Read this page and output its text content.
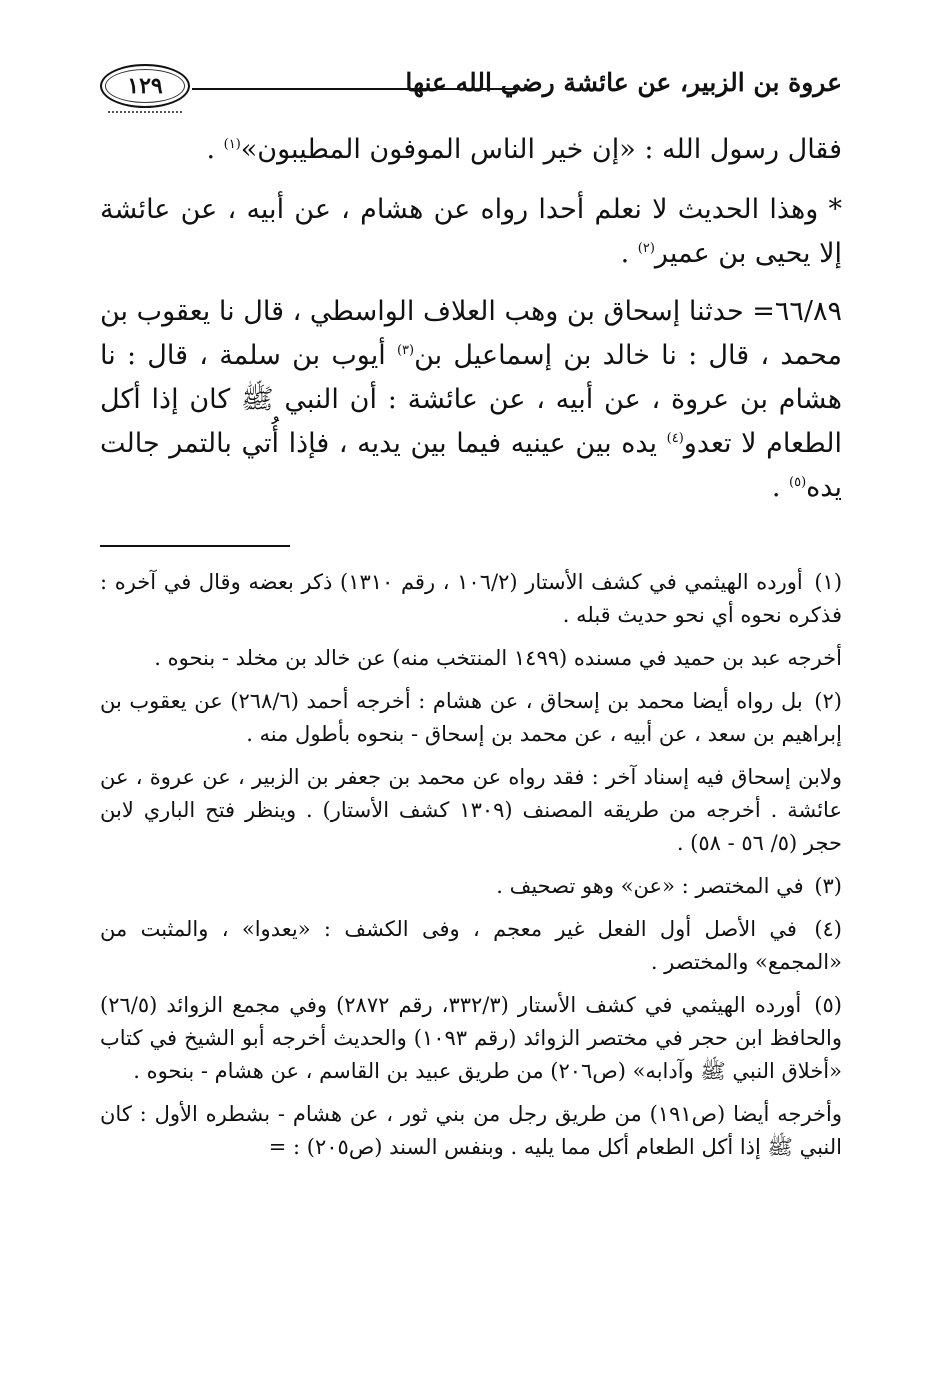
عروة بن الزبير، عن عائشة رضي الله عنها
١٢٩

فقال رسول الله : «إن خير الناس الموفون المطيبون»$^{(١)}$ .

* وهذا الحديث لا نعلم أحدا رواه عن هشام ، عن أبيه ، عن عائشة إلا يحيى بن عمير$^{(٢)}$ .

٦٦/٨٩= حدثنا إسحاق بن وهب العلاف الواسطي ، قال نا يعقوب بن محمد ، قال : نا خالد بن إسماعيل بن$^{(٣)}$ أيوب بن سلمة ، قال : نا هشام بن عروة ، عن أبيه ، عن عائشة : أن النبي ﷺ كان إذا أكل الطعام لا تعدو$^{(٤)}$ يده بين عينيه فيما بين يديه ، فإذا أُتي بالتمر جالت يده$^{(٥)}$ .

(١) أورده الهيثمي في كشف الأستار (١٠٦/٢ ، رقم ١٣١٠) ذكر بعضه وقال في آخره : فذكره نحوه أي نحو حديث قبله .
أخرجه عبد بن حميد في مسنده (١٤٩٩ المنتخب منه) عن خالد بن مخلد - بنحوه .
(٢) بل رواه أيضا محمد بن إسحاق ، عن هشام : أخرجه أحمد (٢٦٨/٦) عن يعقوب بن إبراهيم بن سعد ، عن أبيه ، عن محمد بن إسحاق - بنحوه بأطول منه .
ولابن إسحاق فيه إسناد آخر : فقد رواه عن محمد بن جعفر بن الزبير ، عن عروة ، عن عائشة . أخرجه من طريقه المصنف (١٣٠٩ كشف الأستار) . وينظر فتح الباري لابن حجر (٥/ ٥٦ - ٥٨) .
(٣) في المختصر : «عن» وهو تصحيف .
(٤) في الأصل أول الفعل غير معجم ، وفى الكشف : «يعدوا» ، والمثبت من «المجمع» والمختصر .
(٥) أورده الهيثمي في كشف الأستار (٣٣٢/٣، رقم ٢٨٧٢) وفي مجمع الزوائد (٢٦/٥) والحافظ ابن حجر في مختصر الزوائد (رقم ١٠٩٣) والحديث أخرجه أبو الشيخ في كتاب «أخلاق النبي ﷺ وآدابه» (ص٢٠٦) من طريق عبيد بن القاسم ، عن هشام - بنحوه .
وأخرجه أيضا (ص١٩١) من طريق رجل من بني ثور ، عن هشام - بشطره الأول : كان النبي ﷺ إذا أكل الطعام أكل مما يليه . وبنفس السند (ص٢٠٥) : =
